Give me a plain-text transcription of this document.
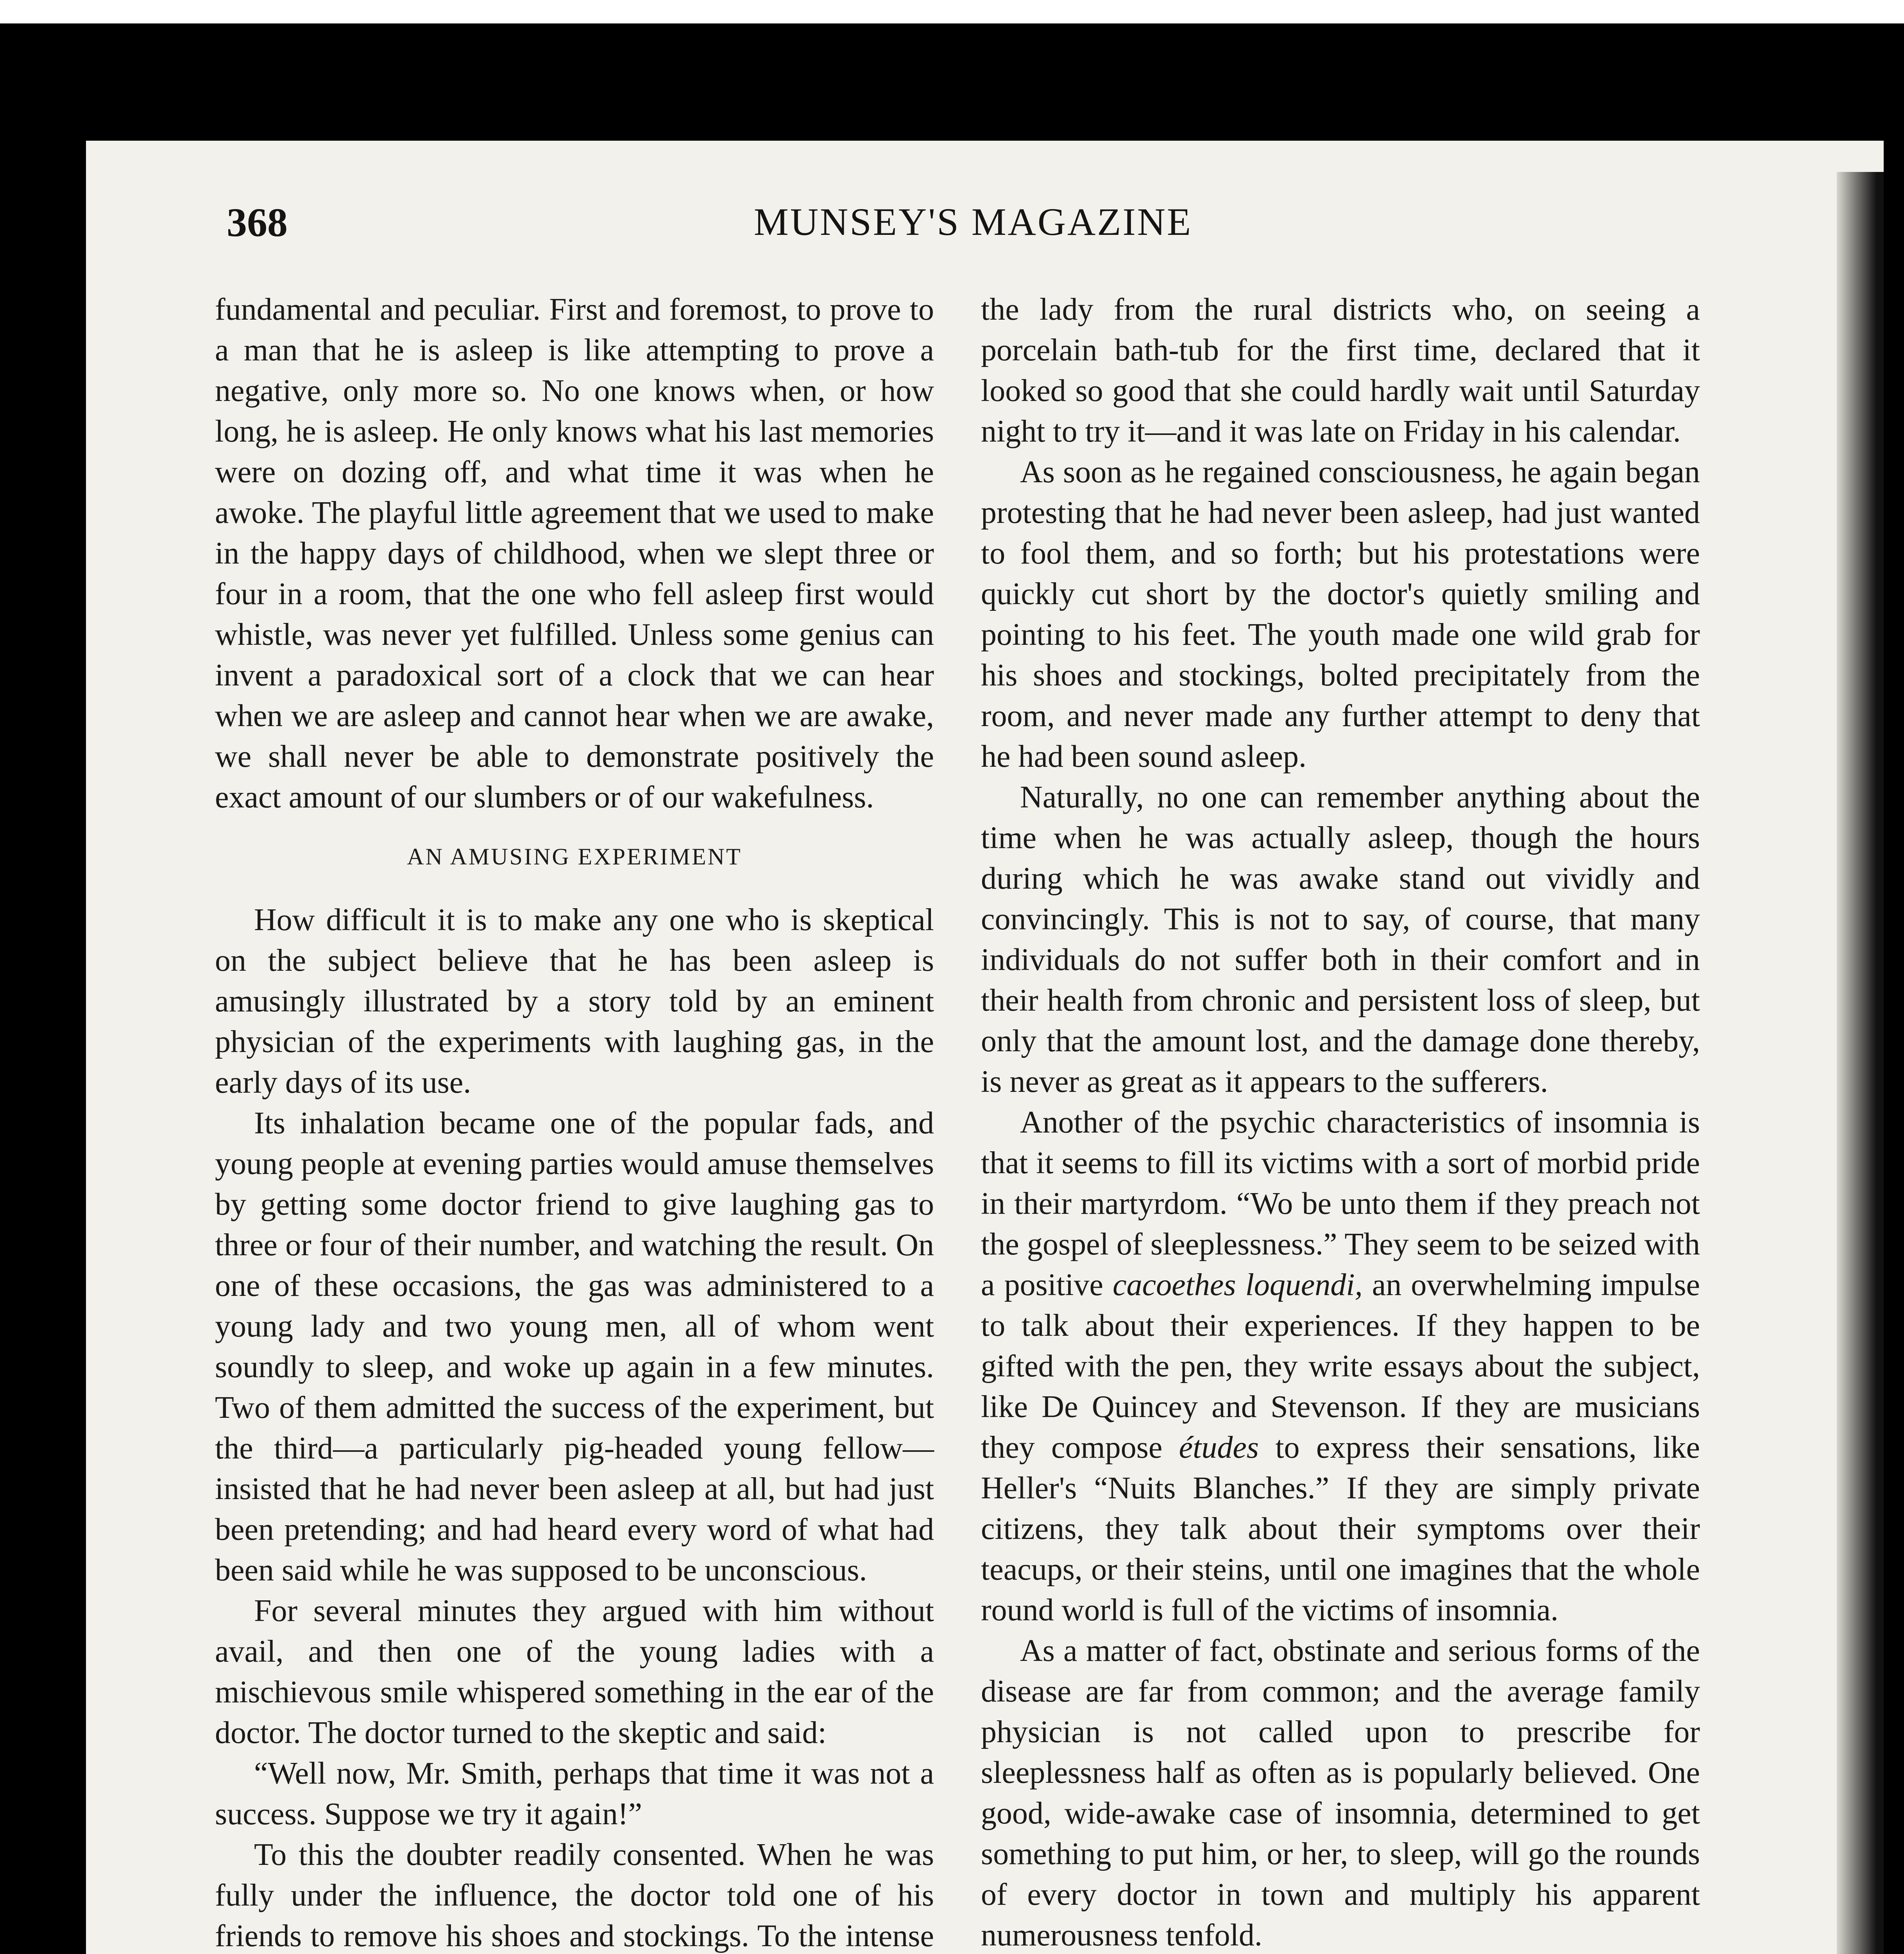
368	MUNSEY'S MAGAZINE

fundamental and peculiar. First and foremost, to prove to a man that he is asleep is like attempting to prove a negative, only more so. No one knows when, or how long, he is asleep. He only knows what his last memories were on dozing off, and what time it was when he awoke. The playful little agreement that we used to make in the happy days of childhood, when we slept three or four in a room, that the one who fell asleep first would whistle, was never yet fulfilled. Unless some genius can invent a paradoxical sort of a clock that we can hear when we are asleep and cannot hear when we are awake, we shall never be able to demonstrate positively the exact amount of our slumbers or of our wakefulness.

AN AMUSING EXPERIMENT

How difficult it is to make any one who is skeptical on the subject believe that he has been asleep is amusingly illustrated by a story told by an eminent physician of the experiments with laughing gas, in the early days of its use.

Its inhalation became one of the popular fads, and young people at evening parties would amuse themselves by getting some doctor friend to give laughing gas to three or four of their number, and watching the result. On one of these occasions, the gas was administered to a young lady and two young men, all of whom went soundly to sleep, and woke up again in a few minutes. Two of them admitted the success of the experiment, but the third—a particularly pig-headed young fellow—insisted that he had never been asleep at all, but had just been pretending; and had heard every word of what had been said while he was supposed to be unconscious.

For several minutes they argued with him without avail, and then one of the young ladies with a mischievous smile whispered something in the ear of the doctor. The doctor turned to the skeptic and said:

“Well now, Mr. Smith, perhaps that time it was not a success. Suppose we try it again!”

To this the doubter readily consented. When he was fully under the influence, the doctor told one of his friends to remove his shoes and stockings. To the intense

the lady from the rural districts who, on seeing a porcelain bath-tub for the first time, declared that it looked so good that she could hardly wait until Saturday night to try it—and it was late on Friday in his calendar.

As soon as he regained consciousness, he again began protesting that he had never been asleep, had just wanted to fool them, and so forth; but his protestations were quickly cut short by the doctor's quietly smiling and pointing to his feet. The youth made one wild grab for his shoes and stockings, bolted precipitately from the room, and never made any further attempt to deny that he had been sound asleep.

Naturally, no one can remember anything about the time when he was actually asleep, though the hours during which he was awake stand out vividly and convincingly. This is not to say, of course, that many individuals do not suffer both in their comfort and in their health from chronic and persistent loss of sleep, but only that the amount lost, and the damage done thereby, is never as great as it appears to the sufferers.

Another of the psychic characteristics of insomnia is that it seems to fill its victims with a sort of morbid pride in their martyrdom. “Wo be unto them if they preach not the gospel of sleeplessness.” They seem to be seized with a positive cacoethes loquendi, an overwhelming impulse to talk about their experiences. If they happen to be gifted with the pen, they write essays about the subject, like De Quincey and Stevenson. If they are musicians they compose études to express their sensations, like Heller's “Nuits Blanches.” If they are simply private citizens, they talk about their symptoms over their teacups, or their steins, until one imagines that the whole round world is full of the victims of insomnia.

As a matter of fact, obstinate and serious forms of the disease are far from common; and the average family physician is not called upon to prescribe for sleeplessness half as often as is popularly believed. One good, wide-awake case of insomnia, determined to get something to put him, or her, to sleep, will go the rounds of every doctor in town and multiply his apparent numerousness tenfold.
